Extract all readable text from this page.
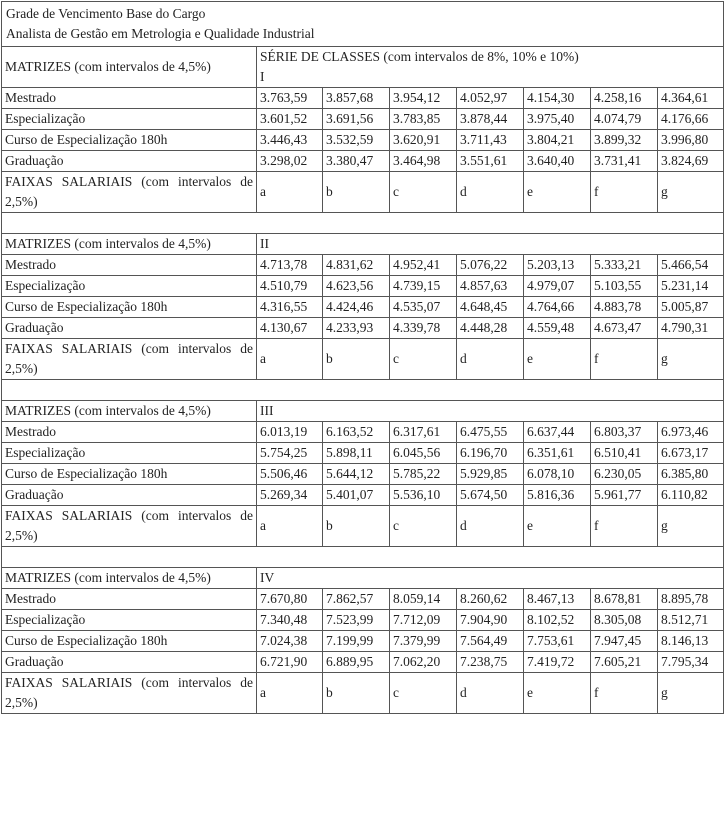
Grade de Vencimento Base do Cargo
Analista de Gestão em Metrologia e Qualidade Industrial							

MATRIZES (com intervalos de 4,5%)	SÉRIE DE CLASSES (com intervalos de 8%, 10% e 10%)
I						

Mestrado	3.763,59	3.857,68	3.954,12	4.052,97	4.154,30	4.258,16	4.364,61
Especialização	3.601,52	3.691,56	3.783,85	3.878,44	3.975,40	4.074,79	4.176,66
Curso de Especialização 180h	3.446,43	3.532,59	3.620,91	3.711,43	3.804,21	3.899,32	3.996,80
Graduação	3.298,02	3.380,47	3.464,98	3.551,61	3.640,40	3.731,41	3.824,69
FAIXAS SALARIAIS (com intervalos de 2,5%)	a	b	c	d	e	f	g

MATRIZES (com intervalos de 4,5%)	II						

Mestrado	4.713,78	4.831,62	4.952,41	5.076,22	5.203,13	5.333,21	5.466,54
Especialização	4.510,79	4.623,56	4.739,15	4.857,63	4.979,07	5.103,55	5.231,14
Curso de Especialização 180h	4.316,55	4.424,46	4.535,07	4.648,45	4.764,66	4.883,78	5.005,87
Graduação	4.130,67	4.233,93	4.339,78	4.448,28	4.559,48	4.673,47	4.790,31
FAIXAS SALARIAIS (com intervalos de 2,5%)	a	b	c	d	e	f	g

MATRIZES (com intervalos de 4,5%)	III						

Mestrado	6.013,19	6.163,52	6.317,61	6.475,55	6.637,44	6.803,37	6.973,46
Especialização	5.754,25	5.898,11	6.045,56	6.196,70	6.351,61	6.510,41	6.673,17
Curso de Especialização 180h	5.506,46	5.644,12	5.785,22	5.929,85	6.078,10	6.230,05	6.385,80
Graduação	5.269,34	5.401,07	5.536,10	5.674,50	5.816,36	5.961,77	6.110,82
FAIXAS SALARIAIS (com intervalos de 2,5%)	a	b	c	d	e	f	g

MATRIZES (com intervalos de 4,5%)	IV						

Mestrado	7.670,80	7.862,57	8.059,14	8.260,62	8.467,13	8.678,81	8.895,78
Especialização	7.340,48	7.523,99	7.712,09	7.904,90	8.102,52	8.305,08	8.512,71
Curso de Especialização 180h	7.024,38	7.199,99	7.379,99	7.564,49	7.753,61	7.947,45	8.146,13
Graduação	6.721,90	6.889,95	7.062,20	7.238,75	7.419,72	7.605,21	7.795,34
FAIXAS SALARIAIS (com intervalos de 2,5%)	a	b	c	d	e	f	g
